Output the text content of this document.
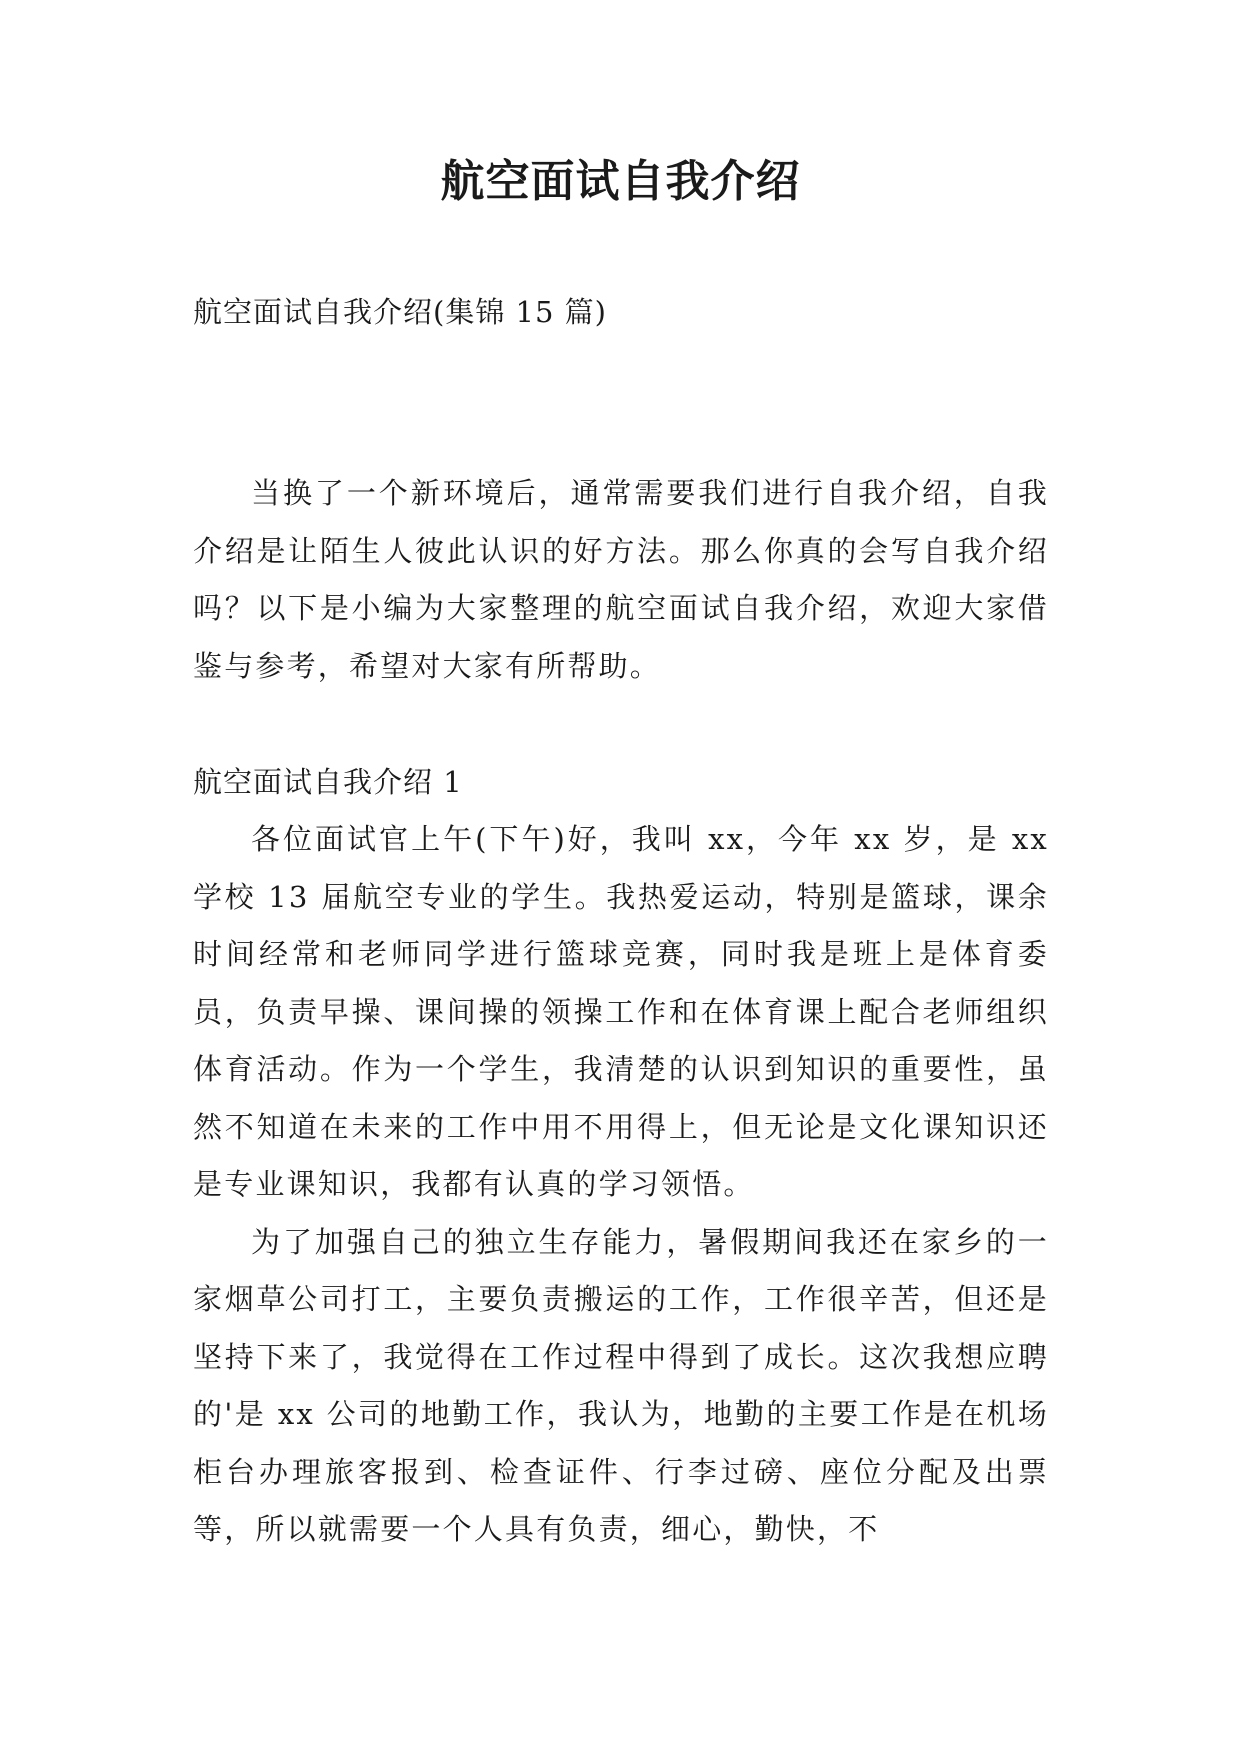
航空面试自我介绍
航空面试自我介绍(集锦 15 篇)

当换了一个新环境后，通常需要我们进行自我介绍，自我介绍是让陌生人彼此认识的好方法。那么你真的会写自我介绍吗？以下是小编为大家整理的航空面试自我介绍，欢迎大家借鉴与参考，希望对大家有所帮助。

航空面试自我介绍 1

各位面试官上午(下午)好，我叫 xx，今年 xx 岁，是 xx 学校 13 届航空专业的学生。我热爱运动，特别是篮球，课余时间经常和老师同学进行篮球竞赛，同时我是班上是体育委员，负责早操、课间操的领操工作和在体育课上配合老师组织体育活动。作为一个学生，我清楚的认识到知识的重要性，虽然不知道在未来的工作中用不用得上，但无论是文化课知识还是专业课知识，我都有认真的学习领悟。

为了加强自己的独立生存能力，暑假期间我还在家乡的一家烟草公司打工，主要负责搬运的工作，工作很辛苦，但还是坚持下来了，我觉得在工作过程中得到了成长。这次我想应聘的'是 xx 公司的地勤工作，我认为，地勤的主要工作是在机场柜台办理旅客报到、检查证件、行李过磅、座位分配及出票等，所以就需要一个人具有负责，细心，勤快，不
